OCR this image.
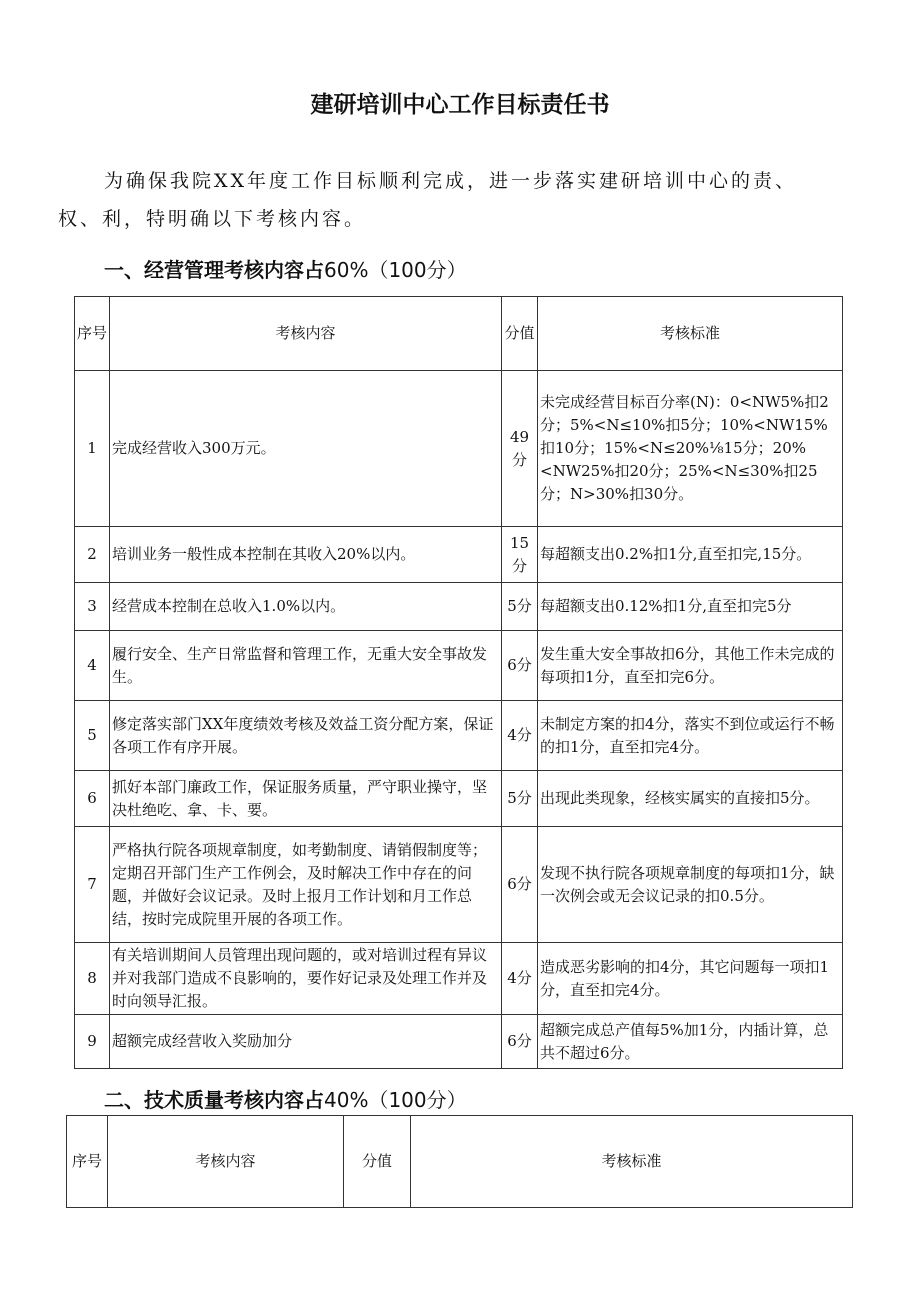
建研培训中心工作目标责任书
为确保我院XX年度工作目标顺利完成，进一步落实建研培训中心的责、
权、利，特明确以下考核内容。
一、经营管理考核内容占60%（100分）
序号	考核内容	分值	考核标准
1	完成经营收入300万元。	49分	未完成经营目标百分率(N)：0<NW5%扣2分；5%<N≤10%扣5分；10%<NW15%扣10分；15%<N≤20%⅛15分；20%<NW25%扣20分；25%<N≤30%扣25分；N>30%扣30分。
2	培训业务一般性成本控制在其收入20%以内。	15分	每超额支出0.2%扣1分,直至扣完,15分。
3	经营成本控制在总收入1.0%以内。	5分	每超额支出0.12%扣1分,直至扣完5分
4	履行安全、生产日常监督和管理工作，无重大安全事故发生。	6分	发生重大安全事故扣6分，其他工作未完成的每项扣1分，直至扣完6分。
5	修定落实部门XX年度绩效考核及效益工资分配方案，保证各项工作有序开展。	4分	未制定方案的扣4分，落实不到位或运行不畅的扣1分，直至扣完4分。
6	抓好本部门廉政工作，保证服务质量，严守职业操守，坚决杜绝吃、拿、卡、要。	5分	出现此类现象，经核实属实的直接扣5分。
7	严格执行院各项规章制度，如考勤制度、请销假制度等；定期召开部门生产工作例会，及时解决工作中存在的问题，并做好会议记录。及时上报月工作计划和月工作总结，按时完成院里开展的各项工作。	6分	发现不执行院各项规章制度的每项扣1分，缺一次例会或无会议记录的扣0.5分。
8	有关培训期间人员管理出现问题的，或对培训过程有异议并对我部门造成不良影响的，要作好记录及处理工作并及时向领导汇报。	4分	造成恶劣影响的扣4分，其它问题每一项扣1分，直至扣完4分。
9	超额完成经营收入奖励加分	6分	超额完成总产值每5%加1分，内插计算，总共不超过6分。
二、技术质量考核内容占40%（100分）
序号	考核内容	分值	考核标准
